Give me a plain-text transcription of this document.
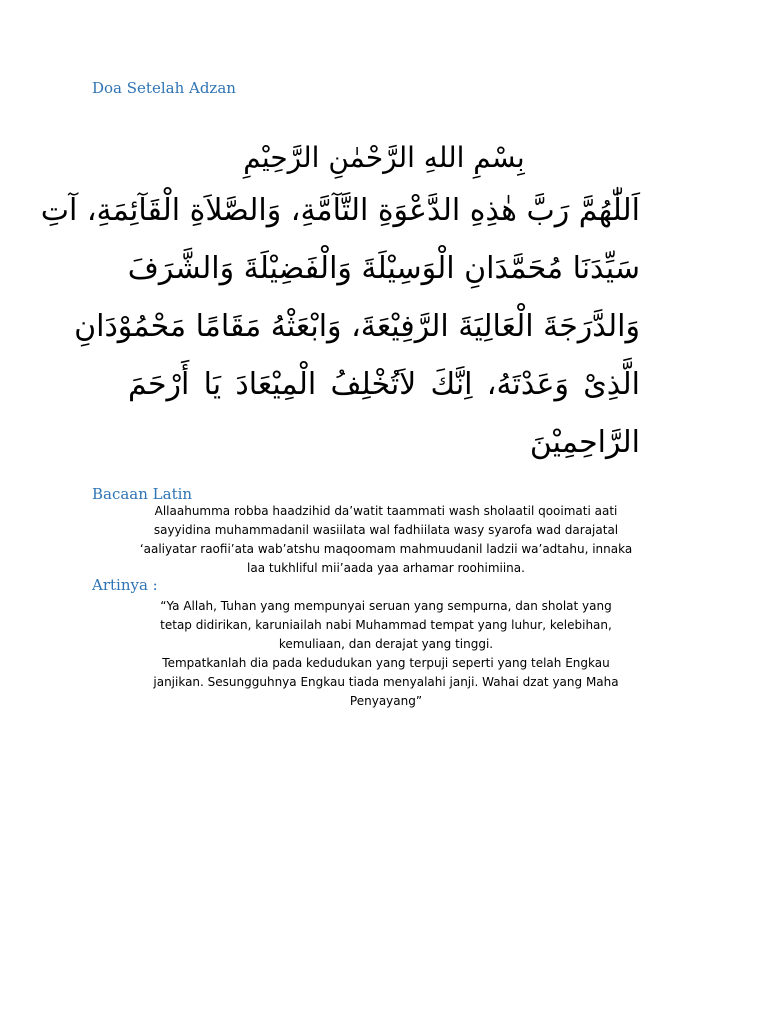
Doa Setelah Adzan

بِسْمِ اللهِ الرَّحْمٰنِ الرَّحِيْمِ

اَللّٰهُمَّ رَبَّ هٰذِهِ الدَّعْوَةِ التَّآمَّةِ، وَالصَّلاَةِ الْقَآئِمَةِ، آتِ

سَيِّدَنَا مُحَمَّدَانِ الْوَسِيْلَةَ وَالْفَضِيْلَةَ وَالشَّرَفَ

وَالدَّرَجَةَ الْعَالِيَةَ الرَّفِيْعَةَ، وَابْعَثْهُ مَقَامًا مَحْمُوْدَانِ

الَّذِىْ وَعَدْتَهُ، اِنَّكَ لاَتُخْلِفُ الْمِيْعَادَ يَا أَرْحَمَ

الرَّاحِمِيْنَ

Bacaan Latin

Allaahumma robba haadzihid da’watit taammati wash sholaatil qooimati aati
sayyidina muhammadanil wasiilata wal fadhiilata wasy syarofa wad darajatal
‘aaliyatar raofii’ata wab’atshu maqoomam mahmuudanil ladzii wa’adtahu, innaka
laa tukhliful mii’aada yaa arhamar roohimiina.

Artinya :

“Ya Allah, Tuhan yang mempunyai seruan yang sempurna, dan sholat yang
tetap didirikan, karuniailah nabi Muhammad tempat yang luhur, kelebihan,
kemuliaan, dan derajat yang tinggi.
Tempatkanlah dia pada kedudukan yang terpuji seperti yang telah Engkau
janjikan. Sesungguhnya Engkau tiada menyalahi janji. Wahai dzat yang Maha
Penyayang”
